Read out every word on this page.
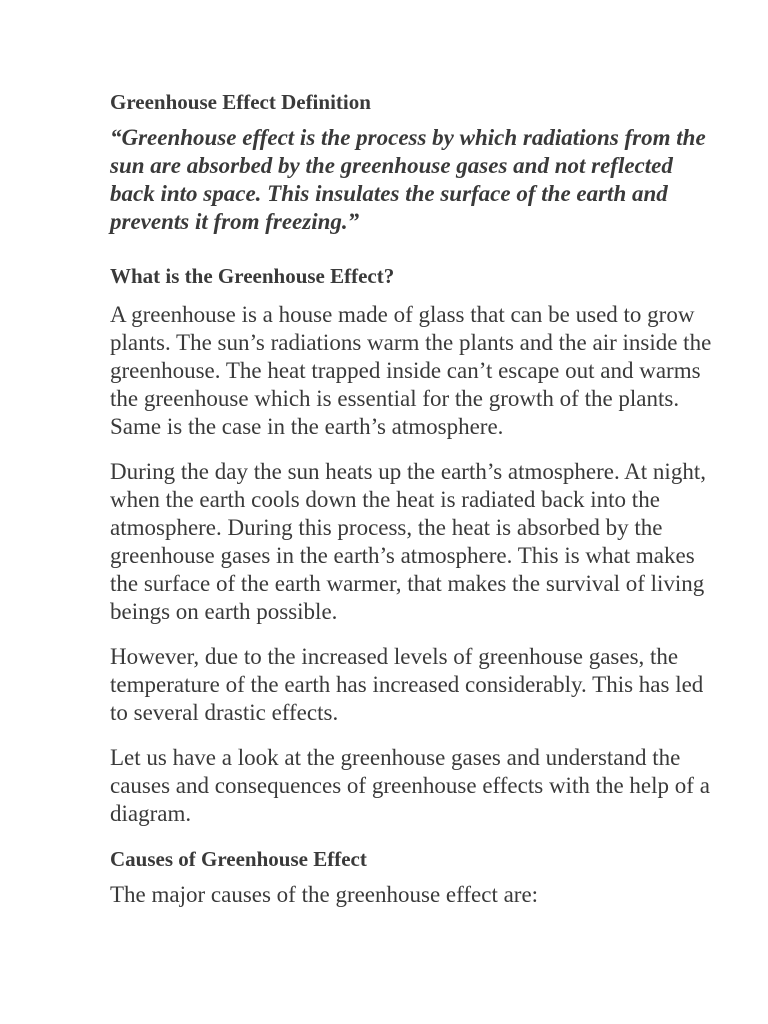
Greenhouse Effect Definition

“Greenhouse effect is the process by which radiations from the sun are absorbed by the greenhouse gases and not reflected back into space. This insulates the surface of the earth and prevents it from freezing.”

What is the Greenhouse Effect?

A greenhouse is a house made of glass that can be used to grow plants. The sun’s radiations warm the plants and the air inside the greenhouse. The heat trapped inside can’t escape out and warms the greenhouse which is essential for the growth of the plants. Same is the case in the earth’s atmosphere.

During the day the sun heats up the earth’s atmosphere. At night, when the earth cools down the heat is radiated back into the atmosphere. During this process, the heat is absorbed by the greenhouse gases in the earth’s atmosphere. This is what makes the surface of the earth warmer, that makes the survival of living beings on earth possible.

However, due to the increased levels of greenhouse gases, the temperature of the earth has increased considerably. This has led to several drastic effects.

Let us have a look at the greenhouse gases and understand the causes and consequences of greenhouse effects with the help of a diagram.

Causes of Greenhouse Effect

The major causes of the greenhouse effect are:
